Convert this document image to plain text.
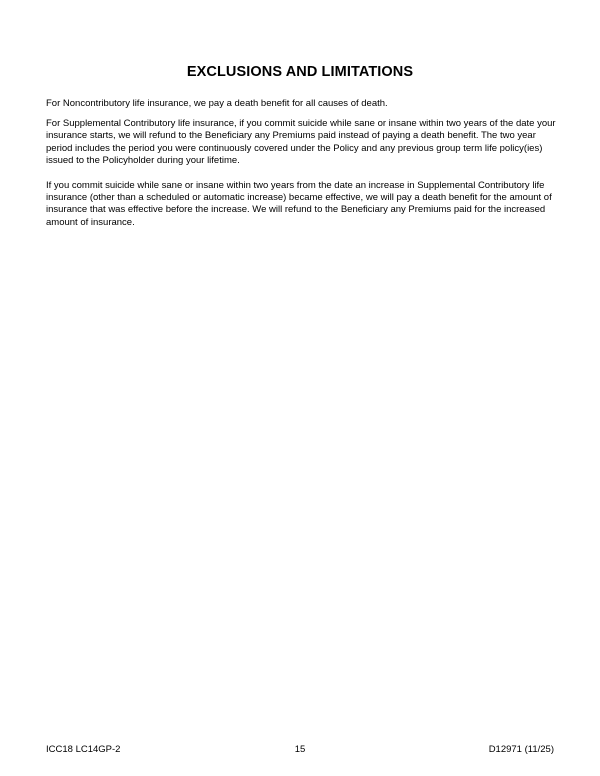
EXCLUSIONS AND LIMITATIONS

For Noncontributory life insurance, we pay a death benefit for all causes of death.

For Supplemental Contributory life insurance, if you commit suicide while sane or insane within two years of the date your insurance starts, we will refund to the Beneficiary any Premiums paid instead of paying a death benefit. The two year period includes the period you were continuously covered under the Policy and any previous group term life policy(ies) issued to the Policyholder during your lifetime.

If you commit suicide while sane or insane within two years from the date an increase in Supplemental Contributory life insurance (other than a scheduled or automatic increase) became effective, we will pay a death benefit for the amount of insurance that was effective before the increase. We will refund to the Beneficiary any Premiums paid for the increased amount of insurance.

ICC18 LC14GP-2	15	D12971 (11/25)
